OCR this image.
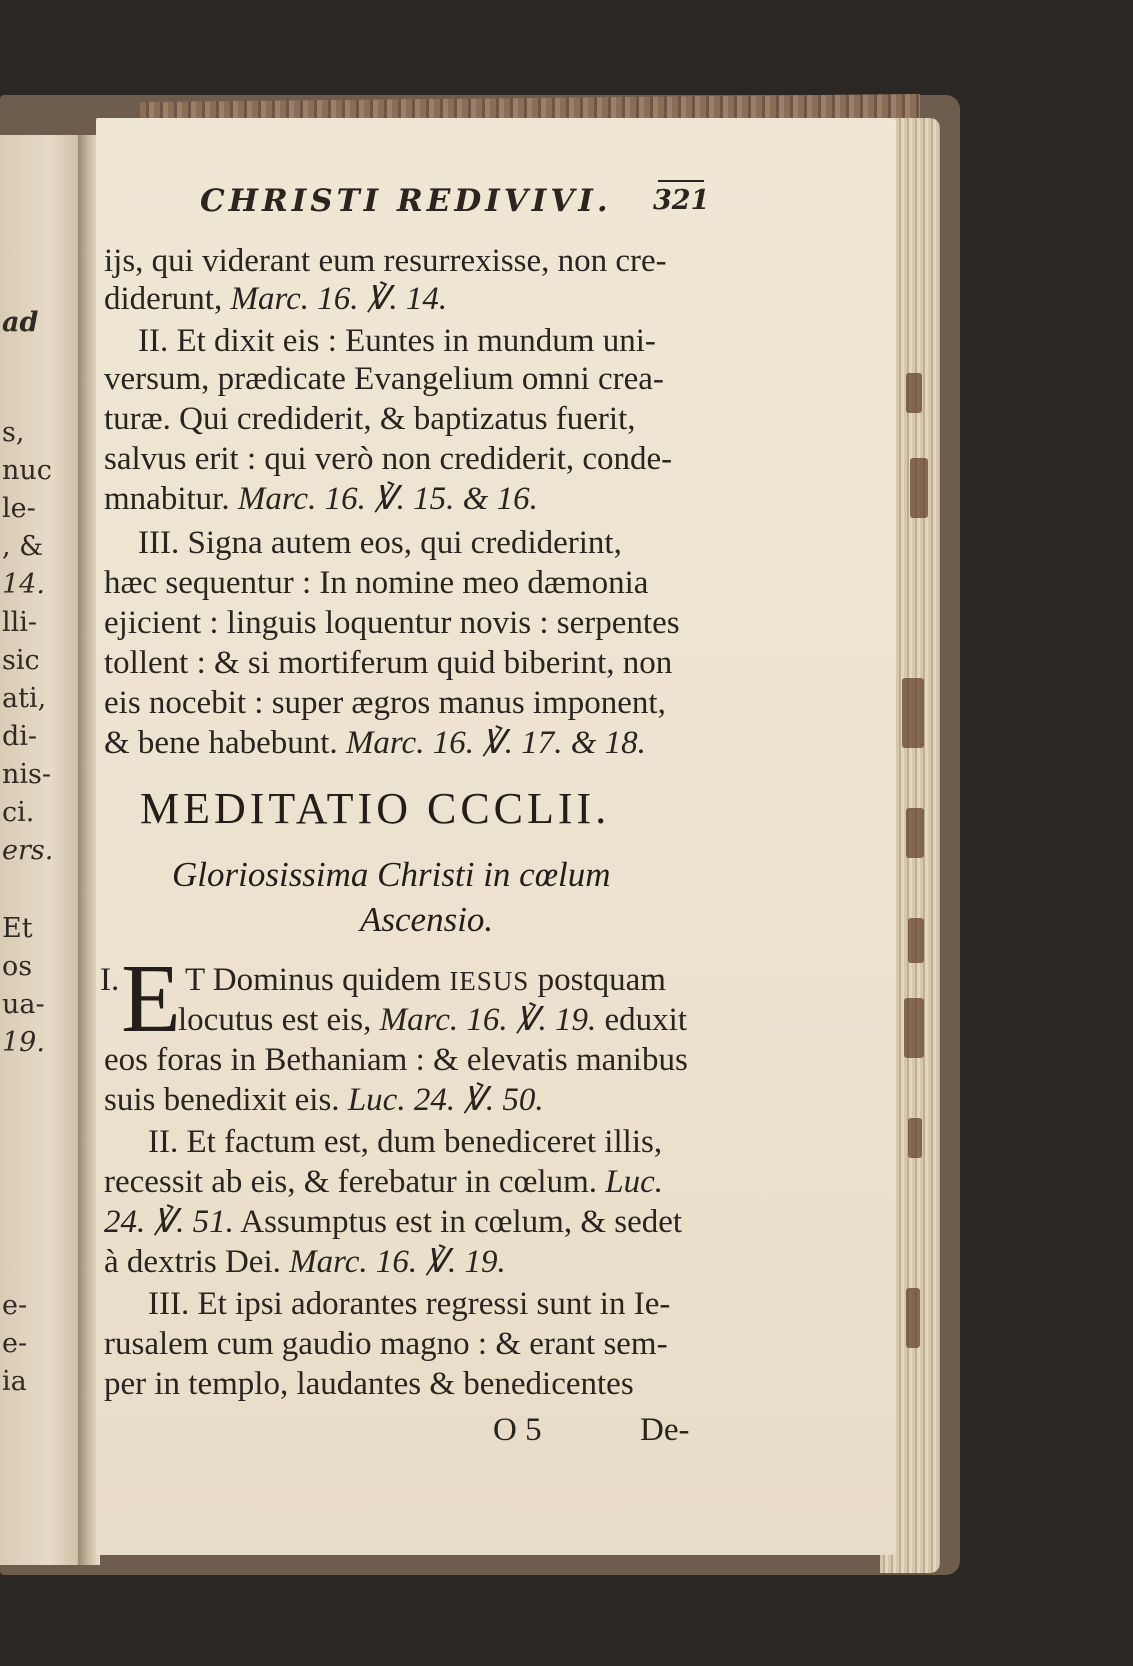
ad
s,
nuc
le-
, &
14.
lli-
sic
ati,
di-
nis-
ci.
ers.
Et
os
ua-
19.
e-
e-
ia
CHRISTI REDIVIVI. 321
ijs, qui viderant eum resurrexisse, non cre-
diderunt, Marc. 16. ℣. 14.
II. Et dixit eis : Euntes in mundum uni-
versum, prædicate Evangelium omni crea-
turæ. Qui crediderit, & baptizatus fuerit,
salvus erit : qui verò non crediderit, conde-
mnabitur. Marc. 16. ℣. 15. & 16.
III. Signa autem eos, qui crediderint,
hæc sequentur : In nomine meo dæmonia
ejicient : linguis loquentur novis : serpentes
tollent : & si mortiferum quid biberint, non
eis nocebit : super ægros manus imponent,
& bene habebunt. Marc. 16. ℣. 17. & 18.
MEDITATIO CCCLII.
Gloriosissima Christi in cœlum
Ascensio.
I. E T Dominus quidem IESUS postquam
locutus est eis, Marc. 16. ℣. 19. eduxit
eos foras in Bethaniam : & elevatis manibus
suis benedixit eis. Luc. 24. ℣. 50.
II. Et factum est, dum benediceret illis,
recessit ab eis, & ferebatur in cœlum. Luc.
24. ℣. 51. Assumptus est in cœlum, & sedet
à dextris Dei. Marc. 16. ℣. 19.
III. Et ipsi adorantes regressi sunt in Ie-
rusalem cum gaudio magno : & erant sem-
per in templo, laudantes & benedicentes
O 5	De-
